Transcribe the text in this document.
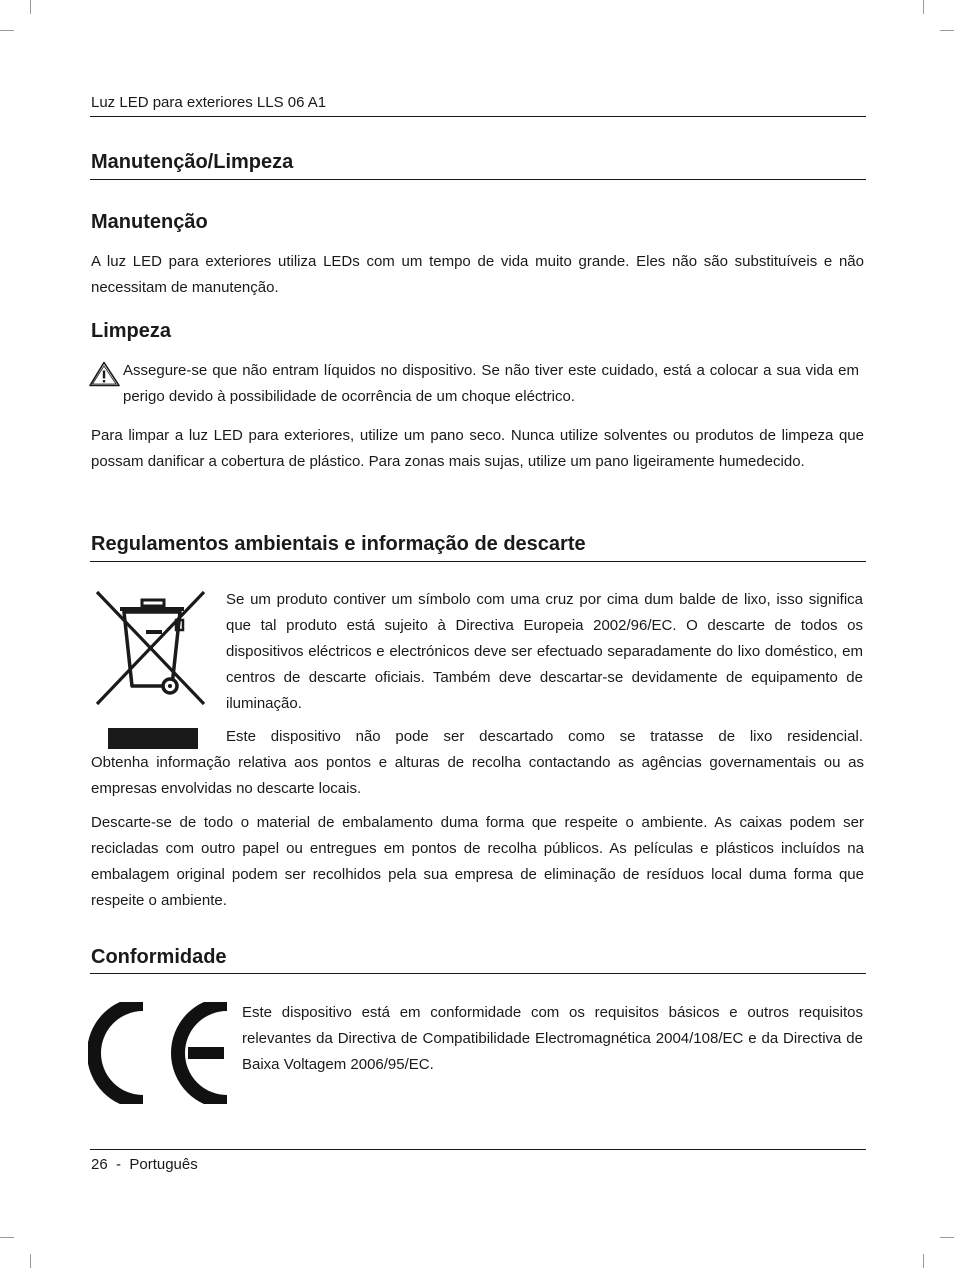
Luz LED para exteriores LLS 06 A1
Manutenção/Limpeza
Manutenção

A luz LED para exteriores utiliza LEDs com um tempo de vida muito grande. Eles não são substituíveis e não necessitam de manutenção.

Limpeza

Assegure-se que não entram líquidos no dispositivo. Se não tiver este cuidado, está a colocar a sua vida em perigo devido à possibilidade de ocorrência de um choque eléctrico.

Para limpar a luz LED para exteriores, utilize um pano seco. Nunca utilize solventes ou produtos de limpeza que possam danificar a cobertura de plástico. Para zonas mais sujas, utilize um pano ligeiramente humedecido.

Regulamentos ambientais e informação de descarte

Se um produto contiver um símbolo com uma cruz por cima dum balde de lixo, isso significa que tal produto está sujeito à Directiva Europeia 2002/96/EC. O descarte de todos os dispositivos eléctricos e electrónicos deve ser efectuado separadamente do lixo doméstico, em centros de descarte oficiais. Também deve descartar-se devidamente de equipamento de iluminação.

Este dispositivo não pode ser descartado como se tratasse de lixo residencial.

Obtenha informação relativa aos pontos e alturas de recolha contactando as agências governamentais ou as empresas envolvidas no descarte locais.

Descarte-se de todo o material de embalamento duma forma que respeite o ambiente. As caixas podem ser recicladas com outro papel ou entregues em pontos de recolha públicos. As películas e plásticos incluídos na embalagem original podem ser recolhidos pela sua empresa de eliminação de resíduos local duma forma que respeite o ambiente.

Conformidade

Este dispositivo está em conformidade com os requisitos básicos e outros requisitos relevantes da Directiva de Compatibilidade Electromagnética 2004/108/EC e da Directiva de Baixa Voltagem 2006/95/EC.

26  -  Português
